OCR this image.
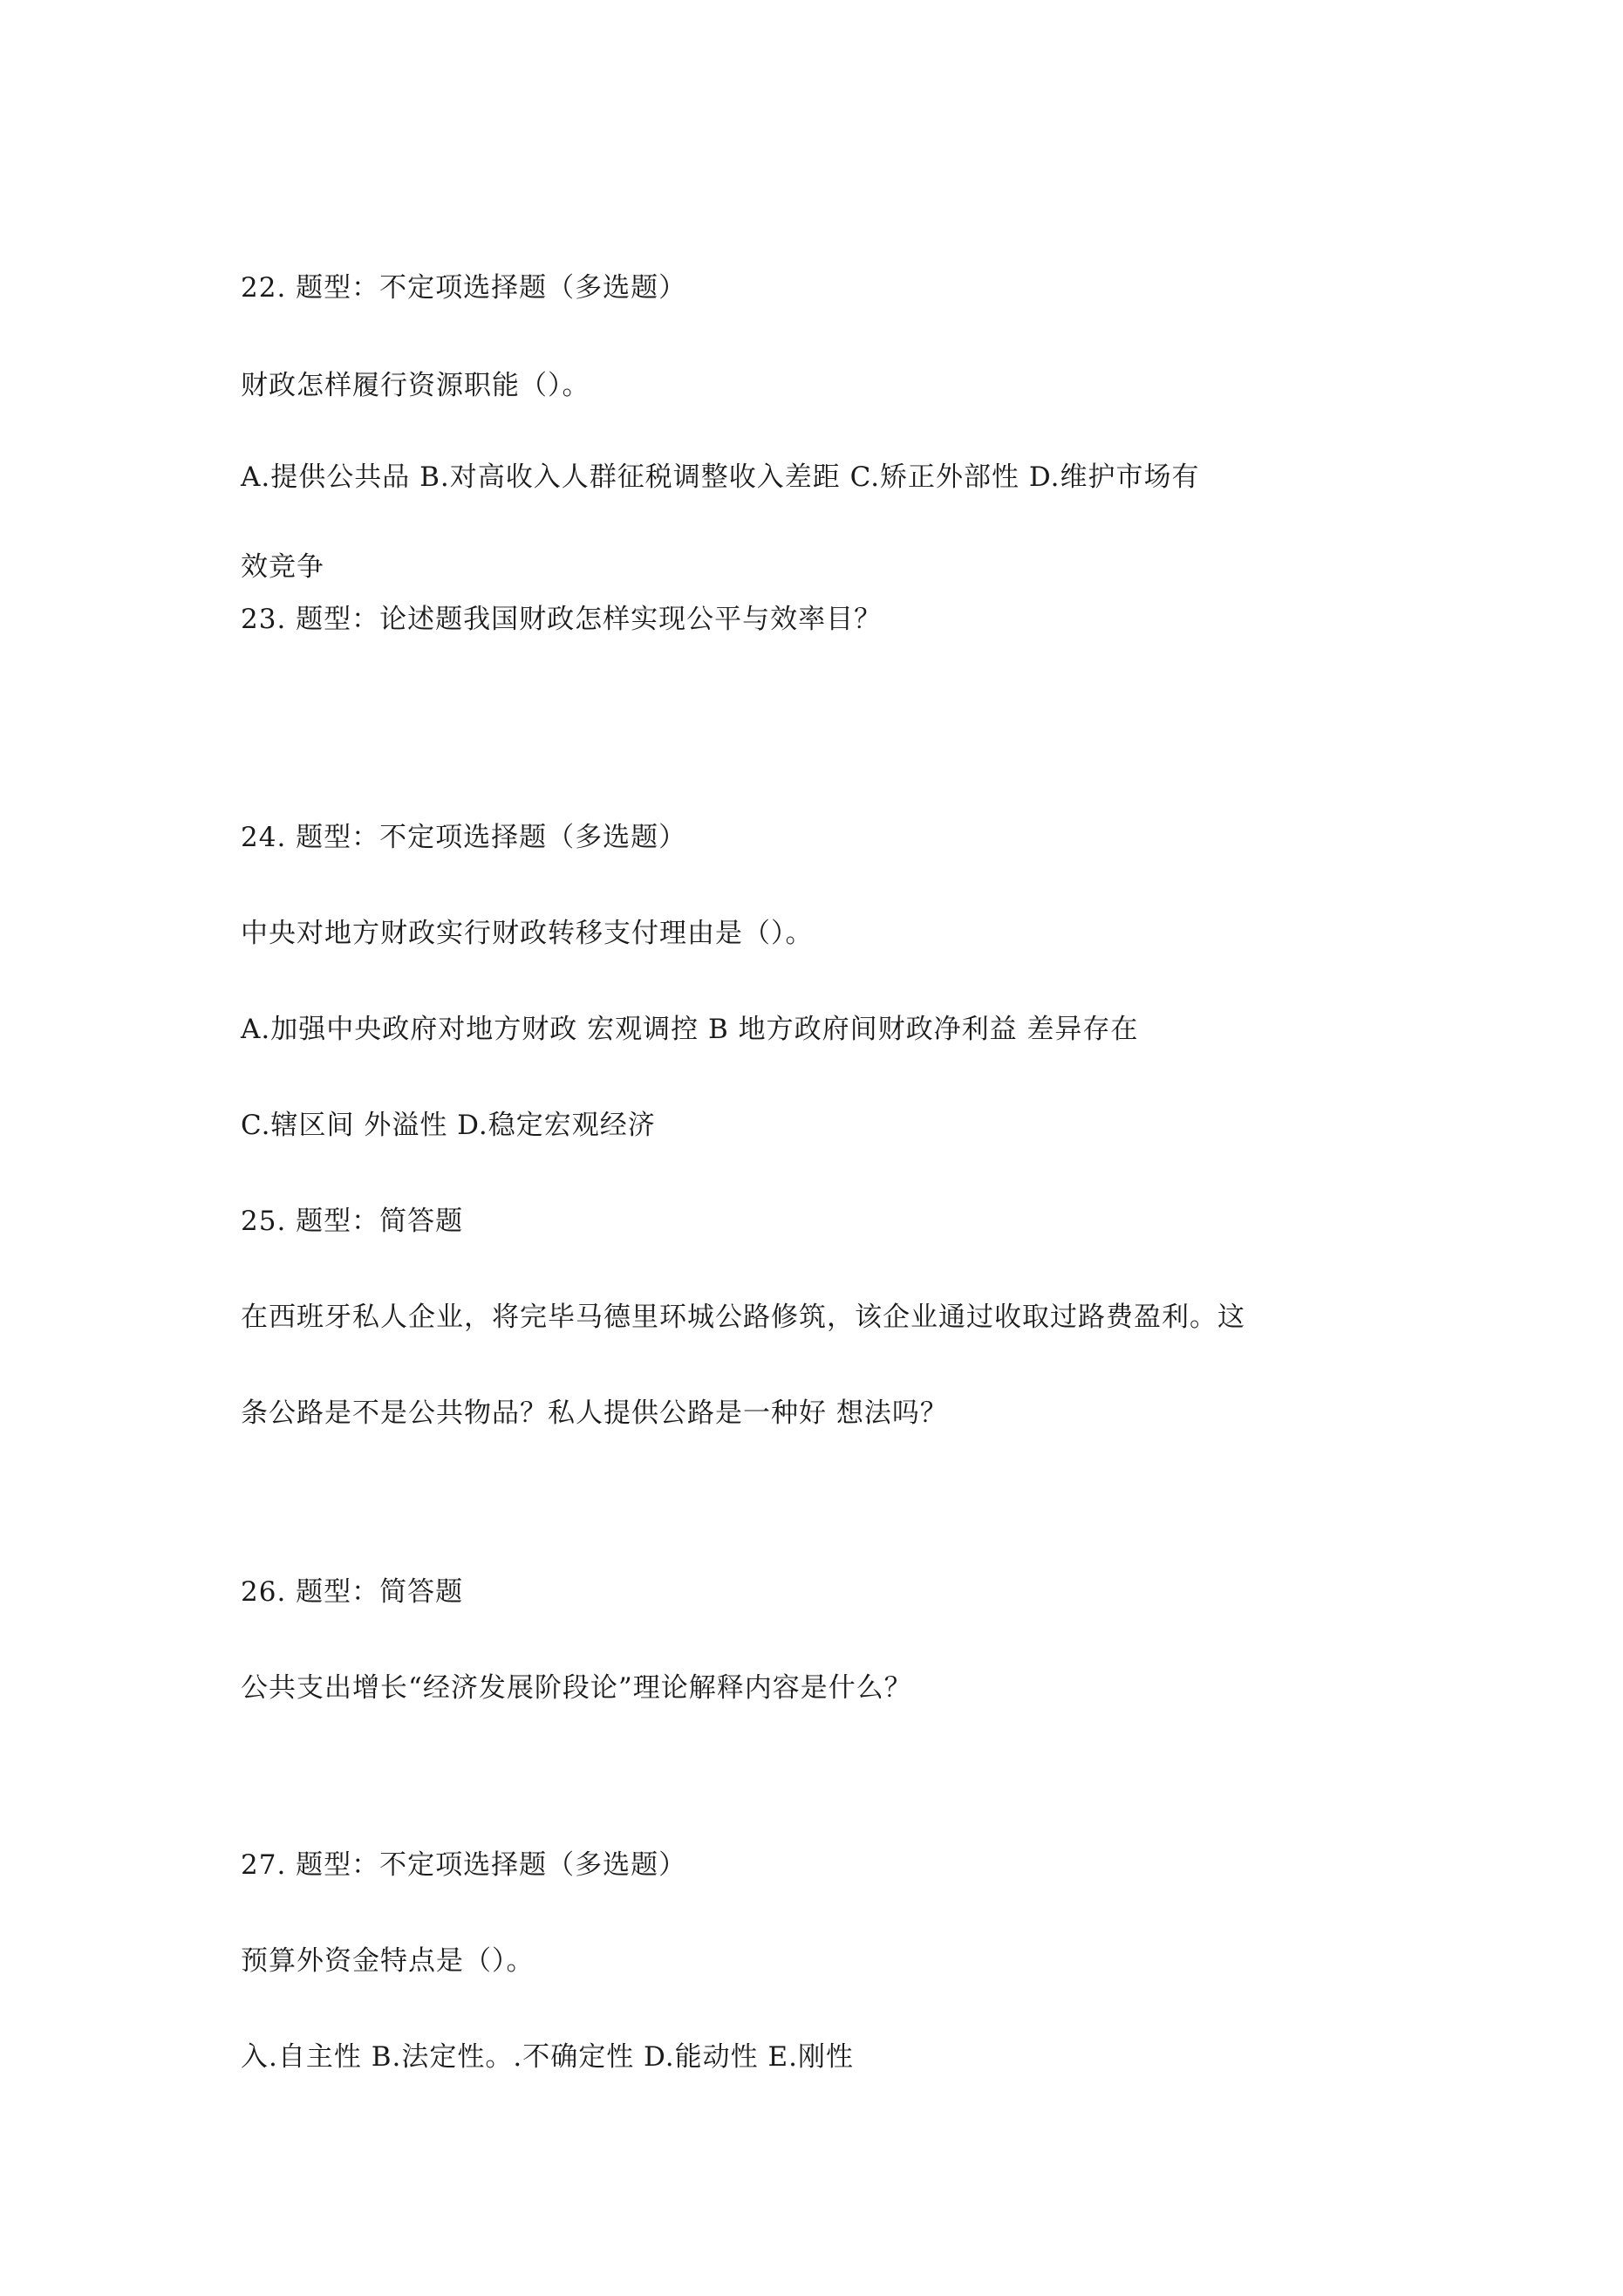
22. 题型：不定项选择题（多选题）
财政怎样履行资源职能（）。
A.提供公共品 B.对高收入人群征税调整收入差距 C.矫正外部性 D.维护市场有
效竞争
23. 题型：论述题我国财政怎样实现公平与效率目？
24. 题型：不定项选择题（多选题）
中央对地方财政实行财政转移支付理由是（）。
A.加强中央政府对地方财政 宏观调控 B 地方政府间财政净利益 差异存在
C.辖区间 外溢性 D.稳定宏观经济
25. 题型：简答题
在西班牙私人企业，将完毕马德里环城公路修筑，该企业通过收取过路费盈利。这
条公路是不是公共物品？私人提供公路是一种好 想法吗？
26. 题型：简答题
公共支出增长“经济发展阶段论”理论解释内容是什么？
27. 题型：不定项选择题（多选题）
预算外资金特点是（）。
入.自主性 B.法定性。.不确定性 D.能动性 E.刚性
